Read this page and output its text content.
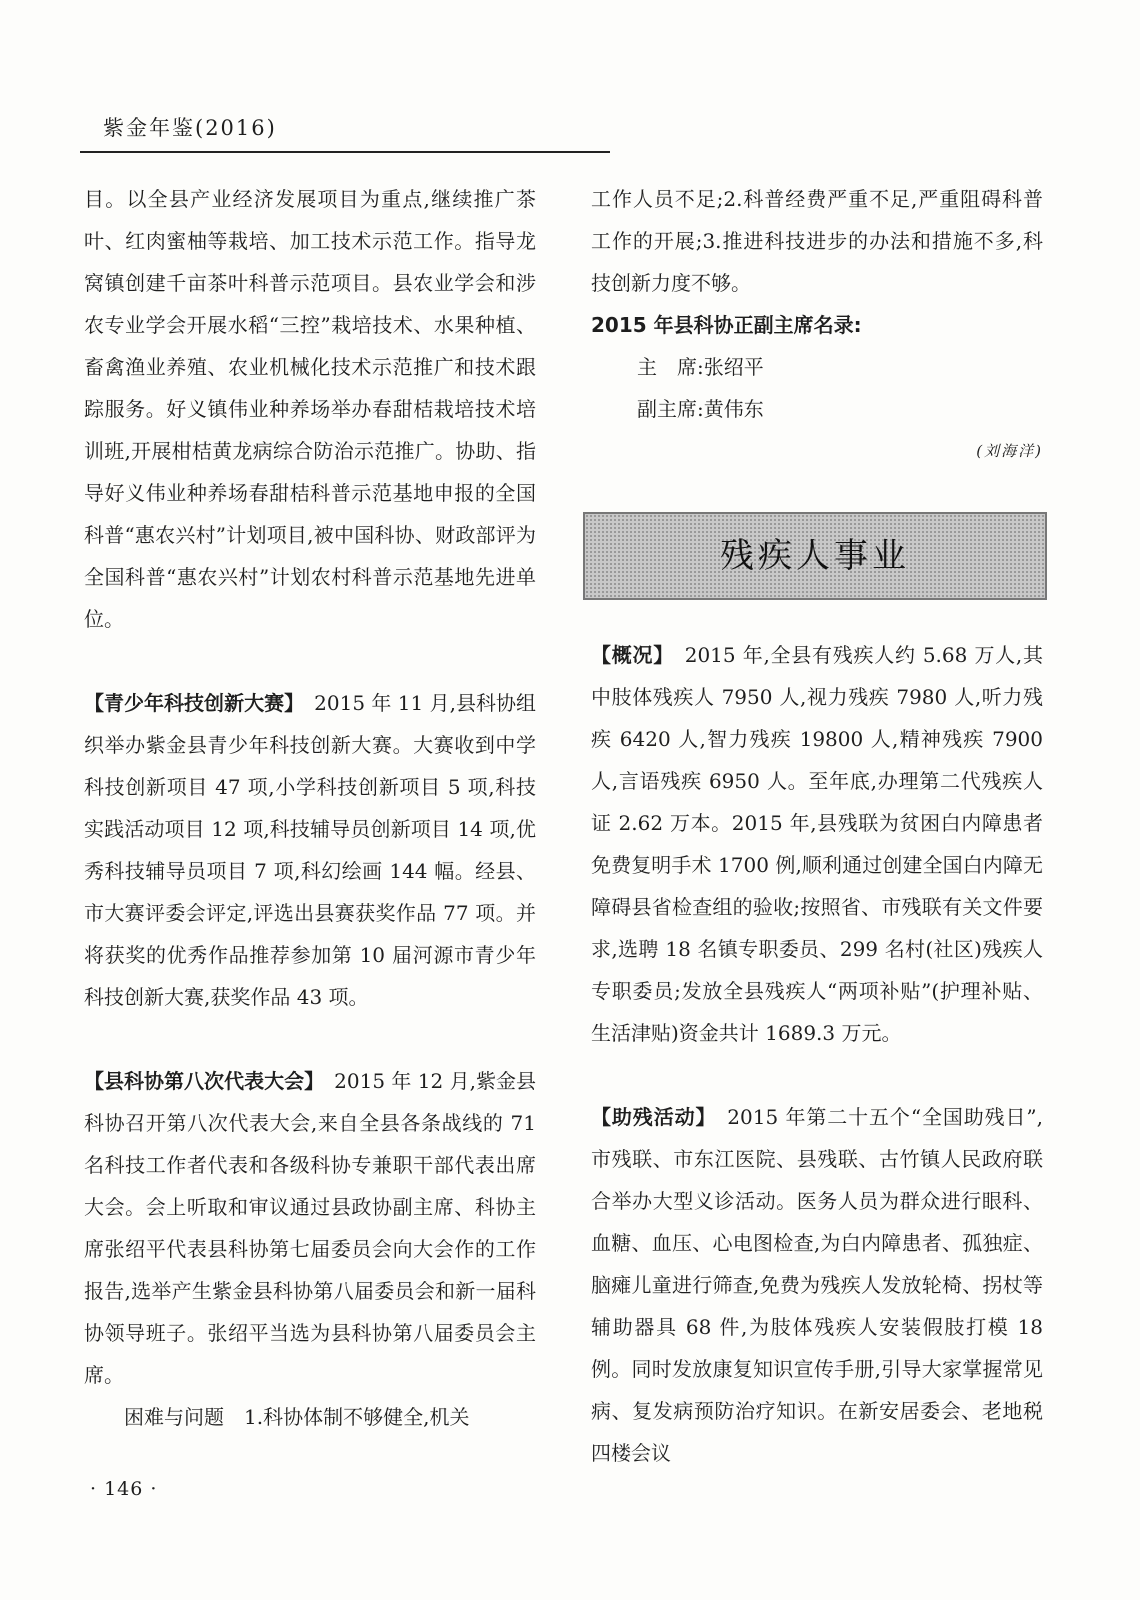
紫金年鉴(2016)

目。以全县产业经济发展项目为重点,继续推广茶叶、红肉蜜柚等栽培、加工技术示范工作。指导龙窝镇创建千亩茶叶科普示范项目。县农业学会和涉农专业学会开展水稻“三控”栽培技术、水果种植、畜禽渔业养殖、农业机械化技术示范推广和技术跟踪服务。好义镇伟业种养场举办春甜桔栽培技术培训班,开展柑桔黄龙病综合防治示范推广。协助、指导好义伟业种养场春甜桔科普示范基地申报的全国科普“惠农兴村”计划项目,被中国科协、财政部评为全国科普“惠农兴村”计划农村科普示范基地先进单位。

【青少年科技创新大赛】　 2015 年 11 月,县科协组织举办紫金县青少年科技创新大赛。大赛收到中学科技创新项目 47 项,小学科技创新项目 5 项,科技实践活动项目 12 项,科技辅导员创新项目 14 项,优秀科技辅导员项目 7 项,科幻绘画 144 幅。经县、市大赛评委会评定,评选出县赛获奖作品 77 项。并将获奖的优秀作品推荐参加第 10 届河源市青少年科技创新大赛,获奖作品 43 项。

【县科协第八次代表大会】　 2015 年 12 月,紫金县科协召开第八次代表大会,来自全县各条战线的 71 名科技工作者代表和各级科协专兼职干部代表出席大会。会上听取和审议通过县政协副主席、科协主席张绍平代表县科协第七届委员会向大会作的工作报告,选举产生紫金县科协第八届委员会和新一届科协领导班子。张绍平当选为县科协第八届委员会主席。

困难与问题　 1.科协体制不够健全,机关

工作人员不足;2.科普经费严重不足,严重阻碍科普工作的开展;3.推进科技进步的办法和措施不多,科技创新力度不够。

2015 年县科协正副主席名录:

主　席:张绍平

副主席:黄伟东

(刘海洋)

残疾人事业

【概况】　 2015 年,全县有残疾人约 5.68 万人,其中肢体残疾人 7950 人,视力残疾 7980 人,听力残疾 6420 人,智力残疾 19800 人,精神残疾 7900 人,言语残疾 6950 人。至年底,办理第二代残疾人证 2.62 万本。2015 年,县残联为贫困白内障患者免费复明手术 1700 例,顺利通过创建全国白内障无障碍县省检查组的验收;按照省、市残联有关文件要求,选聘 18 名镇专职委员、299 名村(社区)残疾人专职委员;发放全县残疾人“两项补贴”(护理补贴、生活津贴)资金共计 1689.3 万元。

【助残活动】　 2015 年第二十五个“全国助残日”,市残联、市东江医院、县残联、古竹镇人民政府联合举办大型义诊活动。医务人员为群众进行眼科、血糖、血压、心电图检查,为白内障患者、孤独症、脑瘫儿童进行筛查,免费为残疾人发放轮椅、拐杖等辅助器具 68 件,为肢体残疾人安装假肢打模 18 例。同时发放康复知识宣传手册,引导大家掌握常见病、复发病预防治疗知识。在新安居委会、老地税四楼会议

· 146 ·
